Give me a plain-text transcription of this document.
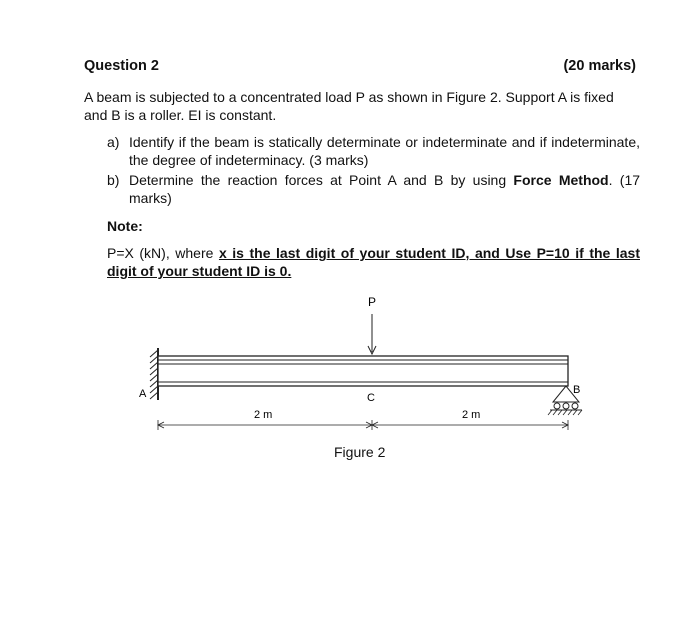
Question 2	(20 marks)
A beam is subjected to a concentrated load P as shown in Figure 2. Support A is fixed and B is a roller. EI is constant.
a) Identify if the beam is statically determinate or indeterminate and if indeterminate, the degree of indeterminacy. (3 marks)
b) Determine the reaction forces at Point A and B by using Force Method. (17 marks)
Note:
P=X (kN), where x is the last digit of your student ID, and Use P=10 if the last digit of your student ID is 0.
A
P
C
B
2 m	2 m
Figure 2
